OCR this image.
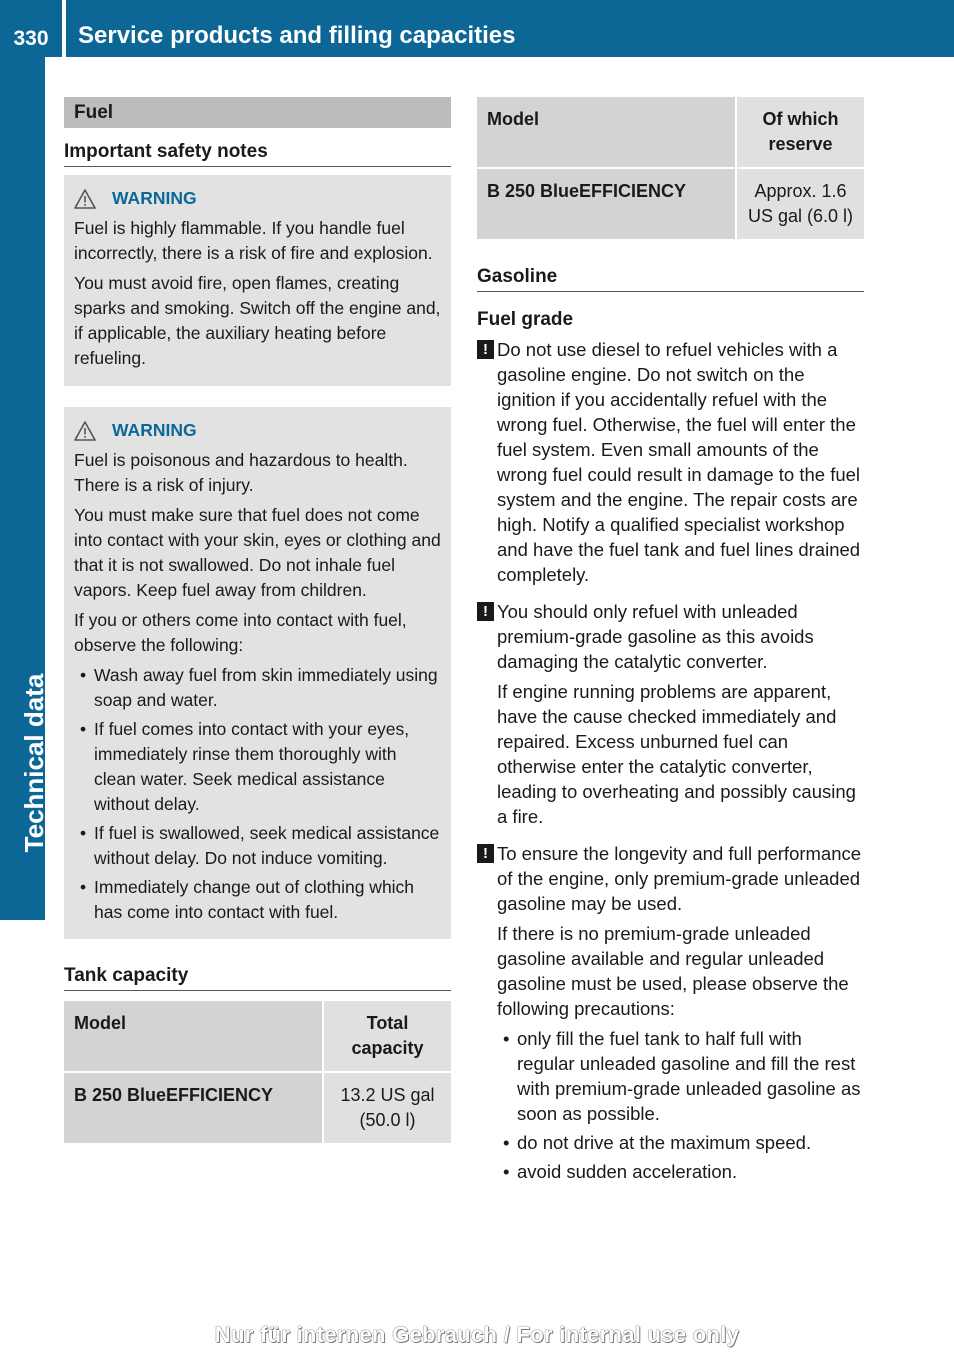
330	Service products and filling capacities
Technical data
Fuel
Important safety notes
WARNING

Fuel is highly flammable. If you handle fuel incorrectly, there is a risk of fire and explosion.

You must avoid fire, open flames, creating sparks and smoking. Switch off the engine and, if applicable, the auxiliary heating before refueling.

WARNING

Fuel is poisonous and hazardous to health. There is a risk of injury.

You must make sure that fuel does not come into contact with your skin, eyes or clothing and that it is not swallowed. Do not inhale fuel vapors. Keep fuel away from children.

If you or others come into contact with fuel, observe the following:

• Wash away fuel from skin immediately using soap and water.
• If fuel comes into contact with your eyes, immediately rinse them thoroughly with clean water. Seek medical assistance without delay.
• If fuel is swallowed, seek medical assistance without delay. Do not induce vomiting.
• Immediately change out of clothing which has come into contact with fuel.
Tank capacity
Model	Total capacity
B 250 BlueEFFICIENCY	13.2 US gal (50.0 l)
Model	Of which reserve
B 250 BlueEFFICIENCY	Approx. 1.6 US gal (6.0 l)
Gasoline
Fuel grade
! Do not use diesel to refuel vehicles with a gasoline engine. Do not switch on the ignition if you accidentally refuel with the wrong fuel. Otherwise, the fuel will enter the fuel system. Even small amounts of the wrong fuel could result in damage to the fuel system and the engine. The repair costs are high. Notify a qualified specialist workshop and have the fuel tank and fuel lines drained completely.

! You should only refuel with unleaded premium-grade gasoline as this avoids damaging the catalytic converter.

If engine running problems are apparent, have the cause checked immediately and repaired. Excess unburned fuel can otherwise enter the catalytic converter, leading to overheating and possibly causing a fire.

! To ensure the longevity and full performance of the engine, only premium-grade unleaded gasoline may be used.

If there is no premium-grade unleaded gasoline available and regular unleaded gasoline must be used, please observe the following precautions:

• only fill the fuel tank to half full with regular unleaded gasoline and fill the rest with premium-grade unleaded gasoline as soon as possible.
• do not drive at the maximum speed.
• avoid sudden acceleration.
Nur für internen Gebrauch / For internal use only
